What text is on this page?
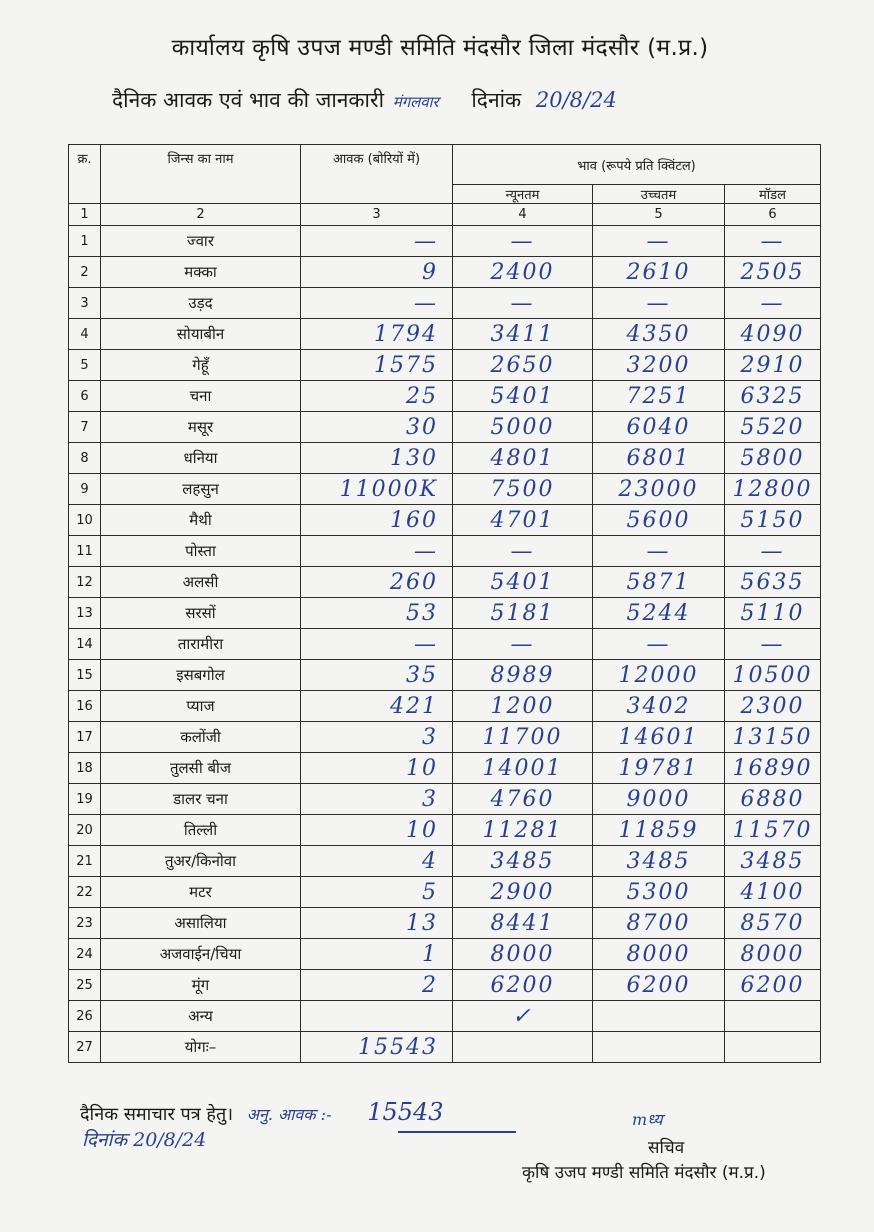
कार्यालय कृषि उपज मण्डी समिति मंदसौर जिला मंदसौर (म.प्र.)
दैनिक आवक एवं भाव की जानकारी मंगलवार दिनांक 20/8/24
क्र.	जिन्स का नाम	आवक (बोरियों में)	भाव (रूपये प्रति क्विंटल)		
			न्यूनतम	उच्चतम	मॉडल
1	2	3	4	5	6
1	ज्वार	—	—	—	—
2	मक्का	9	2400	2610	2505
3	उड़द	—	—	—	—
4	सोयाबीन	1794	3411	4350	4090
5	गेहूँ	1575	2650	3200	2910
6	चना	25	5401	7251	6325
7	मसूर	30	5000	6040	5520
8	धनिया	130	4801	6801	5800
9	लहसुन	11000K	7500	23000	12800
10	मैथी	160	4701	5600	5150
11	पोस्ता	—	—	—	—
12	अलसी	260	5401	5871	5635
13	सरसों	53	5181	5244	5110
14	तारामीरा	—	—	—	—
15	इसबगोल	35	8989	12000	10500
16	प्याज	421	1200	3402	2300
17	कलोंजी	3	11700	14601	13150
18	तुलसी बीज	10	14001	19781	16890
19	डालर चना	3	4760	9000	6880
20	तिल्ली	10	11281	11859	11570
21	तुअर/किनोवा	4	3485	3485	3485
22	मटर	5	2900	5300	4100
23	असालिया	13	8441	8700	8570
24	अजवाईन/चिया	1	8000	8000	8000
25	मूंग	2	6200	6200	6200
26	अन्य		✓		
27	योगः–	15543			
दैनिक समाचार पत्र हेतु। अनु. आवक :- 15543
दिनांक 20/8/24
mध्य
सचिव
कृषि उजप मण्डी समिति मंदसौर (म.प्र.)
